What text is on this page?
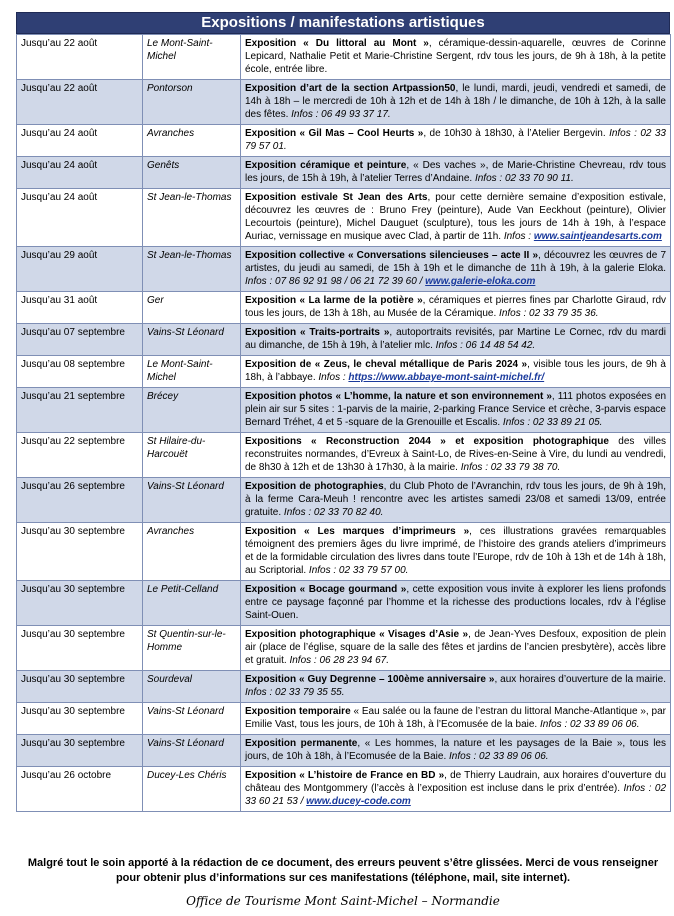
Expositions / manifestations artistiques
Jusqu’au 22 août	Le Mont-Saint-Michel	Exposition « Du littoral au Mont », céramique-dessin-aquarelle, œuvres de Corinne Lepicard, Nathalie Petit et Marie-Christine Sergent, rdv tous les jours, de 9h à 18h, à la petite école, entrée libre.
Jusqu’au 22 août	Pontorson	Exposition d’art de la section Artpassion50, le lundi, mardi, jeudi, vendredi et samedi, de 14h à 18h – le mercredi de 10h à 12h et de 14h à 18h / le dimanche, de 10h à 12h, à la salle des fêtes. Infos : 06 49 93 37 17.
Jusqu’au 24 août	Avranches	Exposition « Gil Mas – Cool Heurts », de 10h30 à 18h30, à l’Atelier Bergevin. Infos : 02 33 79 57 01.
Jusqu’au 24 août	Genêts	Exposition céramique et peinture, « Des vaches », de Marie-Christine Chevreau, rdv tous les jours, de 15h à 19h, à l’atelier Terres d’Andaine. Infos : 02 33 70 90 11.
Jusqu’au 24 août	St Jean-le-Thomas	Exposition estivale St Jean des Arts, pour cette dernière semaine d’exposition estivale, découvrez les œuvres de : Bruno Frey (peinture), Aude Van Eeckhout (peinture), Olivier Lecourtois (peinture), Michel Dauguet (sculpture), tous les jours de 14h à 19h, à l’espace Auriac, vernissage en musique avec Clad, à partir de 11h. Infos : www.saintjeandesarts.com
Jusqu’au 29 août	St Jean-le-Thomas	Exposition collective « Conversations silencieuses – acte II », découvrez les œuvres de 7 artistes, du jeudi au samedi, de 15h à 19h et le dimanche de 11h à 19h, à la galerie Eloka. Infos : 07 86 92 91 98 / 06 21 72 39 60 / www.galerie-eloka.com
Jusqu’au 31 août	Ger	Exposition « La larme de la potière », céramiques et pierres fines par Charlotte Giraud, rdv tous les jours, de 13h à 18h, au Musée de la Céramique. Infos : 02 33 79 35 36.
Jusqu’au 07 septembre	Vains-St Léonard	Exposition « Traits-portraits », autoportraits revisités, par Martine Le Cornec, rdv du mardi au dimanche, de 15h à 19h, à l’atelier mlc. Infos : 06 14 48 54 42.
Jusqu’au 08 septembre	Le Mont-Saint-Michel	Exposition de « Zeus, le cheval métallique de Paris 2024 », visible tous les jours, de 9h à 18h, à l’abbaye. Infos : https://www.abbaye-mont-saint-michel.fr/
Jusqu’au 21 septembre	Brécey	Exposition photos « L’homme, la nature et son environnement », 111 photos exposées en plein air sur 5 sites : 1-parvis de la mairie, 2-parking France Service et crèche, 3-parvis espace Bernard Tréhet, 4 et 5 -square de la Grenouille et Escalis. Infos : 02 33 89 21 05.
Jusqu’au 22 septembre	St Hilaire-du-Harcouët	Expositions « Reconstruction 2044 » et exposition photographique des villes reconstruites normandes, d’Evreux à Saint-Lo, de Rives-en-Seine à Vire, du lundi au vendredi, de 8h30 à 12h et de 13h30 à 17h30, à la mairie. Infos : 02 33 79 38 70.
Jusqu’au 26 septembre	Vains-St Léonard	Exposition de photographies, du Club Photo de l’Avranchin, rdv tous les jours, de 9h à 19h, à la ferme Cara-Meuh ! rencontre avec les artistes samedi 23/08 et samedi 13/09, entrée gratuite. Infos : 02 33 70 82 40.
Jusqu’au 30 septembre	Avranches	Exposition « Les marques d’imprimeurs », ces illustrations gravées remarquables témoignent des premiers âges du livre imprimé, de l’histoire des grands ateliers d’imprimeurs et de la formidable circulation des livres dans toute l’Europe, rdv de 10h à 13h et de 14h à 18h, au Scriptorial. Infos : 02 33 79 57 00.
Jusqu’au 30 septembre	Le Petit-Celland	Exposition « Bocage gourmand », cette exposition vous invite à explorer les liens profonds entre ce paysage façonné par l’homme et la richesse des productions locales, rdv à l’église Saint-Ouen.
Jusqu’au 30 septembre	St Quentin-sur-le-Homme	Exposition photographique « Visages d’Asie », de Jean-Yves Desfoux, exposition de plein air (place de l’église, square de la salle des fêtes et jardins de l’ancien presbytère), accès libre et gratuit. Infos : 06 28 23 94 67.
Jusqu’au 30 septembre	Sourdeval	Exposition « Guy Degrenne – 100ème anniversaire », aux horaires d’ouverture de la mairie. Infos : 02 33 79 35 55.
Jusqu’au 30 septembre	Vains-St Léonard	Exposition temporaire « Eau salée ou la faune de l’estran du littoral Manche-Atlantique », par Emilie Vast, tous les jours, de 10h à 18h, à l’Ecomusée de la baie. Infos : 02 33 89 06 06.
Jusqu’au 30 septembre	Vains-St Léonard	Exposition permanente, « Les hommes, la nature et les paysages de la Baie », tous les jours, de 10h à 18h, à l’Ecomusée de la Baie. Infos : 02 33 89 06 06.
Jusqu’au 26 octobre	Ducey-Les Chéris	Exposition « L’histoire de France en BD », de Thierry Laudrain, aux horaires d’ouverture du château des Montgommery (l’accès à l’exposition est incluse dans le prix d’entrée). Infos : 02 33 60 21 53 / www.ducey-code.com
Malgré tout le soin apporté à la rédaction de ce document, des erreurs peuvent s’être glissées. Merci de vous renseigner pour obtenir plus d’informations sur ces manifestations (téléphone, mail, site internet).
Office de Tourisme Mont Saint-Michel – Normandie
